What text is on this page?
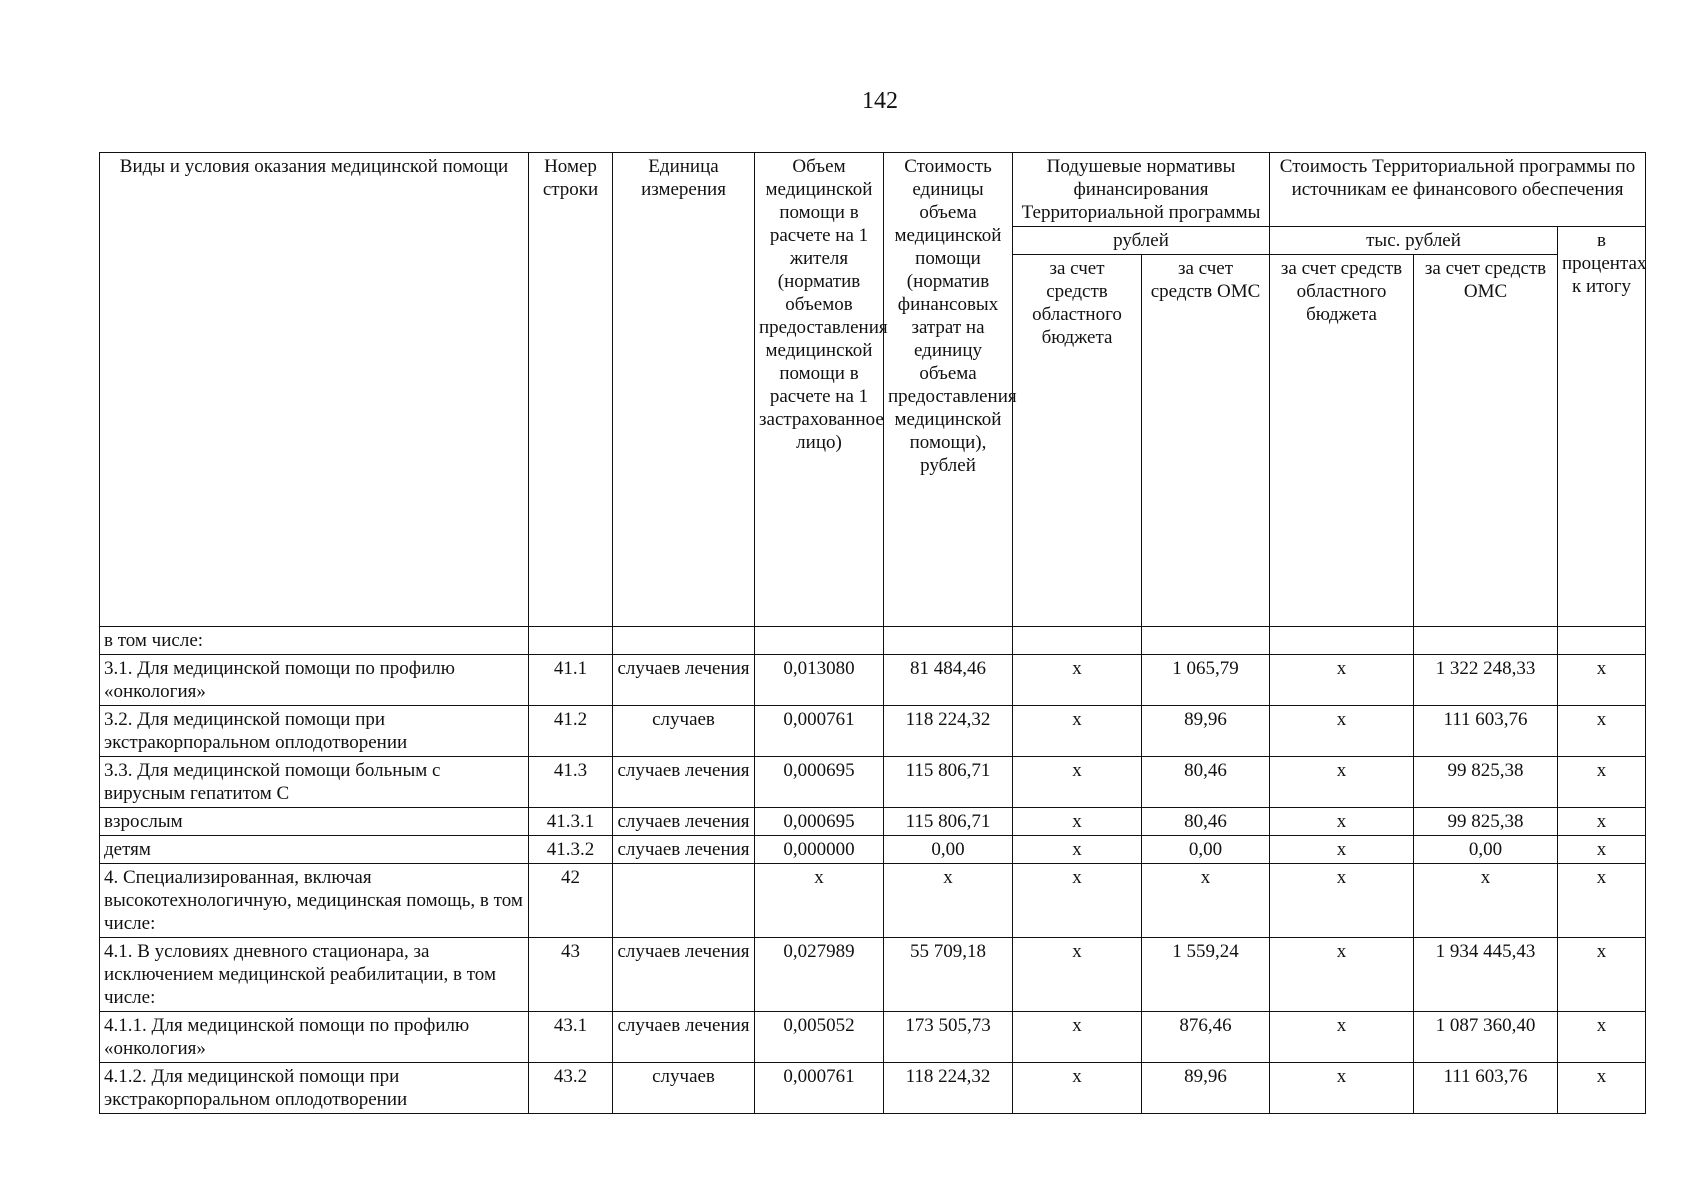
142
Виды и условия оказания медицинской помощи	Номер строки	Единица измерения	Объем медицинской помощи в расчете на 1 жителя (норматив объемов предоставления медицинской помощи в расчете на 1 застрахованное лицо)	Стоимость единицы объема медицинской помощи (норматив финансовых затрат на единицу объема предоставления медицинской помощи), рублей	Подушевые нормативы финансирования Территориальной программы		Стоимость Территориальной программы по источникам ее финансового обеспечения		
					рублей		тыс. рублей		в процентах к итогу
					за счет средств областного бюджета	за счет средств ОМС	за счет средств областного бюджета	за счет средств ОМС	
в том числе:									
3.1. Для медицинской помощи по профилю «онкология»	41.1	случаев лечения	0,013080	81 484,46	x	1 065,79	x	1 322 248,33	x
3.2. Для медицинской помощи при экстракорпоральном оплодотворении	41.2	случаев	0,000761	118 224,32	x	89,96	x	111 603,76	x
3.3. Для медицинской помощи больным с вирусным гепатитом С	41.3	случаев лечения	0,000695	115 806,71	x	80,46	x	99 825,38	x
взрослым	41.3.1	случаев лечения	0,000695	115 806,71	x	80,46	x	99 825,38	x
детям	41.3.2	случаев лечения	0,000000	0,00	x	0,00	x	0,00	x
4. Специализированная, включая высокотехнологичную, медицинская помощь, в том числе:	42		x	x	x	x	x	x	x
4.1. В условиях дневного стационара, за исключением медицинской реабилитации, в том числе:	43	случаев лечения	0,027989	55 709,18	x	1 559,24	x	1 934 445,43	x
4.1.1. Для медицинской помощи по профилю «онкология»	43.1	случаев лечения	0,005052	173 505,73	x	876,46	x	1 087 360,40	x
4.1.2. Для медицинской помощи при экстракорпоральном оплодотворении	43.2	случаев	0,000761	118 224,32	x	89,96	x	111 603,76	x
